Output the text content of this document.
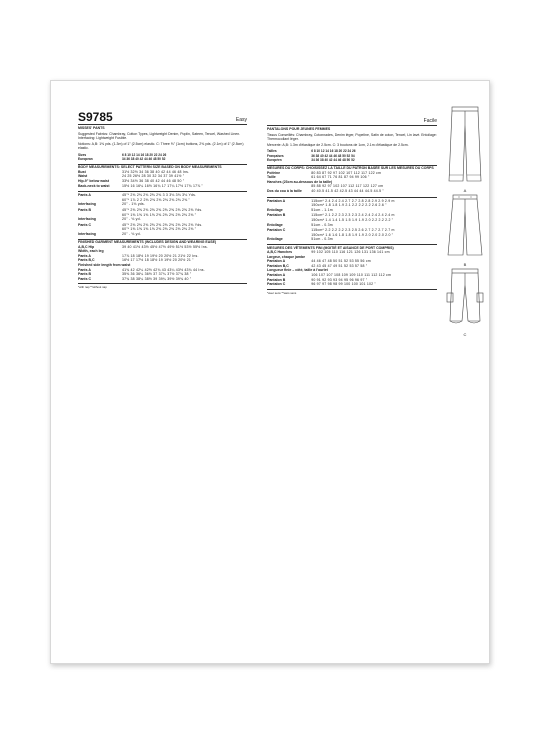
S9785	Easy
MISSES' PANTS
Suggested Fabrics: Chambray, Cotton Types, Lightweight Denim, Poplin, Sateen, Tencel, Washed Linen. Interfacing: Lightweight Fusible.
Notions: A,B: 1⅜ yds. (1.3m) of 1" (2.5cm) elastic. C: Three ⅝" (1cm) buttons, 2⅜ yds. (2.1m) of 1" (2.5cm) elastic.
Sizes	6 8 10 12 14 16 18 20 22 24 26
European	34 36 38 40 42 44 46 48 50 52
BODY MEASUREMENTS: SELECT PATTERN SIZE BASED ON BODY MEASUREMENTS
Bust	31½ 32½ 34 36 38 40 42 44 46 48 Ins.
Waist	24 25 26½ 28 30 32 34 37 39 41½ "
Hip-9" below waist	33½ 34½ 36 38 40 42 44 46 48 50 "
Back-neck to waist	15½ 16 16¼ 16½ 16¾ 17 17¼ 17½ 17¾ 17⅞ "
Pants A	45"* 2⅜ 2⅜ 2⅜ 2⅜ 2⅜ 3 3 3⅛ 3⅛ 3⅛ Yds.
60"* 1⅞ 2 2 2⅜ 2⅜ 2⅜ 2⅜ 2⅜ 2⅜ 2⅜ "
Interfacing	20" - 1⅛ yds.
Pants B	45"* 2⅝ 2⅝ 2⅝ 2⅝ 2⅝ 2⅝ 2⅝ 2⅝ 2⅝ 2⅝ Yds.
60"* 1⅝ 1⅝ 1⅝ 1⅝ 2⅜ 2⅜ 2⅜ 2⅜ 2⅜ 2⅜ "
Interfacing	20" - ⅛ yd.
Pants C	45"* 2⅜ 2⅜ 2⅜ 2⅜ 2⅜ 2⅜ 2⅜ 2⅜ 2⅜ 2⅜ Yds.
60"* 1⅝ 1⅝ 1⅝ 1⅝ 2⅜ 2⅜ 2⅜ 2⅜ 2⅜ 2⅜ "
Interfacing	20" - ⅛ yd.
FINISHED GARMENT MEASUREMENTS (INCLUDES DESIGN AND WEARING EASE)
A,B,C Hip	39 40 41½ 43½ 45½ 47½ 49½ 51½ 53½ 55½ Ins.
Width, each leg
Pants A	17⅞ 18 18½ 19 19½ 20 20½ 21 21½ 22 Ins.
Pants B,C	16½ 17 17½ 18 18½ 19 19½ 20 20½ 21 "
Finished side length from waist
Pants A	41¾ 42 42¼ 42½ 42¾ 43 43¼ 43½ 43¾ 44 Ins.
Pants B	35⅜ 36 36¼ 36½ 37 37¼ 37½ 37¾ 38 "
Pants C	37¾ 38 38¼ 38½ 39 39¼ 39½ 39¾ 40 "
*with nap **without nap
Facile
PANTALONS POUR JEUNES FEMMES
Tissus Conseillés: Chambray, Cotonnades, Denim léger, Popeline, Satin de coton, Tencel, Lin lavé. Entoilage: Thermocollant léger.
Mercerie: A,B: 1.3m d'élastique de 2.5cm. C: 3 boutons de 1cm, 2.1m d'élastique de 2.5cm.
Tailles	6 8 10 12 14 16 18 20 22 24 26
Françaises	36 38 40 42 44 46 48 50 52 54
Européen	34 36 38 40 42 44 46 48 50 52
MESURES DU CORPS: CHOISISSEZ LA TAILLE DU PATRON BASÉE SUR LES MESURES DU CORPS
Poitrine	80 83 87 92 97 102 107 112 117 122 cm
Taille	61 64 67 71 76 81 87 94 99 106 "
Hanches (23cm au-dessous de la taille)
85 88 92 97 102 107 112 117 122 127 cm
Dos du cou à la taille	40 40.5 41.5 42 42.5 43 44 44 44.5 44.5 "
Pantalon A	115cm* 2.4 2.4 2.4 2.7 2.7 2.8 2.8 2.9 2.9 2.9 m
150cm* 1.8 1.8 1.9 2.1 2.2 2.2 2.2 2.6 2.6 "
Entoilage	51cm - 1.1m
Pantalon B	115cm* 2.1 2.2 2.3 2.3 2.3 2.4 2.4 2.4 2.4 2.4 m
150cm* 1.4 1.4 1.5 1.5 1.9 1.9 2.0 2.2 2.2 2.2 "
Entoilage	51cm - 0.3m
Pantalon C	115cm* 2.2 2.2 2.2 2.3 2.5 2.6 2.7 2.7 2.7 2.7 m
150cm* 1.6 1.6 1.8 1.8 1.9 1.9 2.0 2.0 2.0 2.0 "
Entoilage	51cm - 0.3m
MESURES DES VÊTEMENTS FINI (MOITIÉ ET AISANCE DE PORT COMPRIS)
A,B,C Hanches	99 102 105 110 116 121 126 131 136 141 cm
Largeur, chaque jambe
Pantalon A	44 46 47 48 50 51 52 53 55 56 cm
Pantalon B,C	42 43 45 47 49 51 52 53 57 58 "
Longueur finie – côté, taille à l'ourlet
Pantalon A	106 107 107 108 109 109 110 111 112 112 cm
Pantalon B	90 91 92 93 93 94 95 96 96 97 "
Pantalon C	96 97 97 98 98 99 100 100 101 102 "
*avec sens **sans sens
A
B
C
